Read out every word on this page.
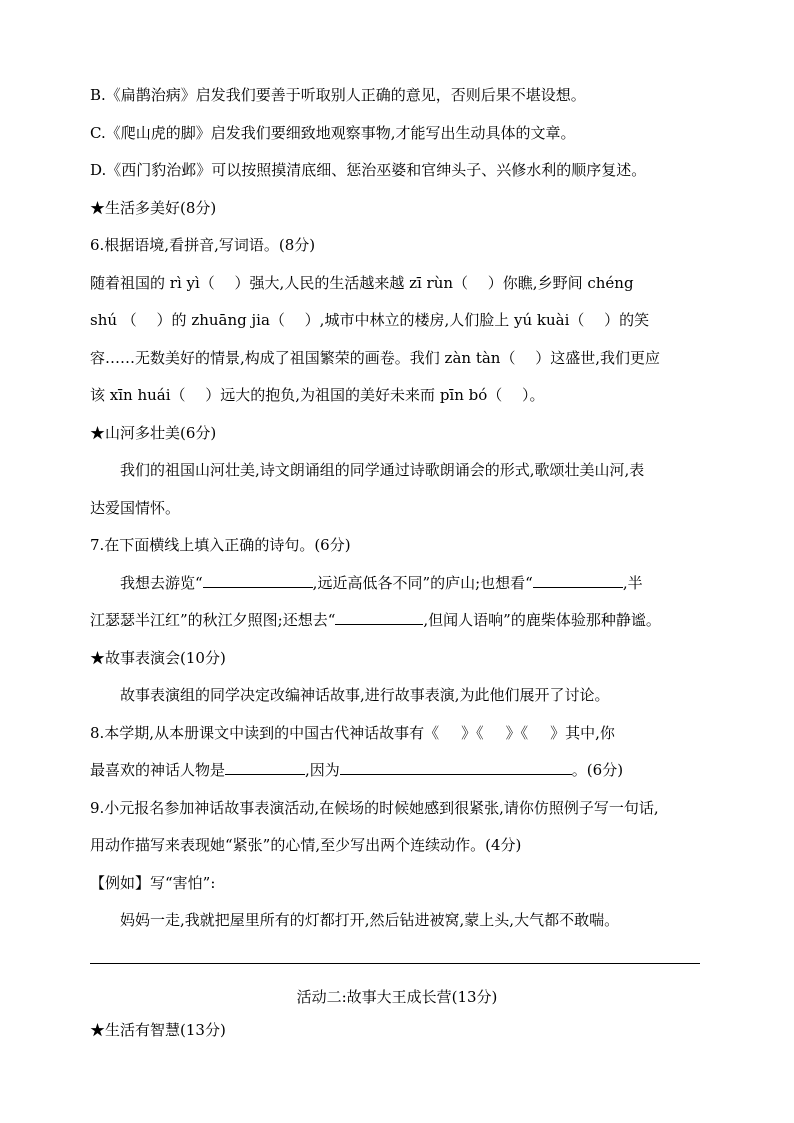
B.《扁鹊治病》启发我们要善于听取别人正确的意见，否则后果不堪设想。
C.《爬山虎的脚》启发我们要细致地观察事物,才能写出生动具体的文章。
D.《西门豹治邺》可以按照摸清底细、惩治巫婆和官绅头子、兴修水利的顺序复述。
★生活多美好(8分)
6.根据语境,看拼音,写词语。(8分)
随着祖国的 rì yì（　 ）强大,人民的生活越来越 zī rùn（　 ）你瞧,乡野间 chéng
shú （　 ）的 zhuāng jia（　 ）,城市中林立的楼房,人们脸上 yú kuài（　 ）的笑
容……无数美好的情景,构成了祖国繁荣的画卷。我们 zàn tàn（　 ）这盛世,我们更应
该 xīn huái（　 ）远大的抱负,为祖国的美好未来而 pīn bó（　 ）。
★山河多壮美(6分)
我们的祖国山河壮美,诗文朗诵组的同学通过诗歌朗诵会的形式,歌颂壮美山河,表
达爱国情怀。
7.在下面横线上填入正确的诗句。(6分)
我想去游览“	,远近高低各不同”的庐山;也想看“	,半
江瑟瑟半江红”的秋江夕照图;还想去“	,但闻人语响”的鹿柴体验那种静谧。
★故事表演会(10分)
故事表演组的同学决定改编神话故事,进行故事表演,为此他们展开了讨论。
8.本学期,从本册课文中读到的中国古代神话故事有《 》《 》《 》其中,你
最喜欢的神话人物是	,因为	。(6分)
9.小元报名参加神话故事表演活动,在候场的时候她感到很紧张,请你仿照例子写一句话,
用动作描写来表现她“紧张”的心情,至少写出两个连续动作。(4分)
【例如】写“害怕”:
妈妈一走,我就把屋里所有的灯都打开,然后钻进被窝,蒙上头,大气都不敢喘。
活动二:故事大王成长营(13分)
★生活有智慧(13分)
